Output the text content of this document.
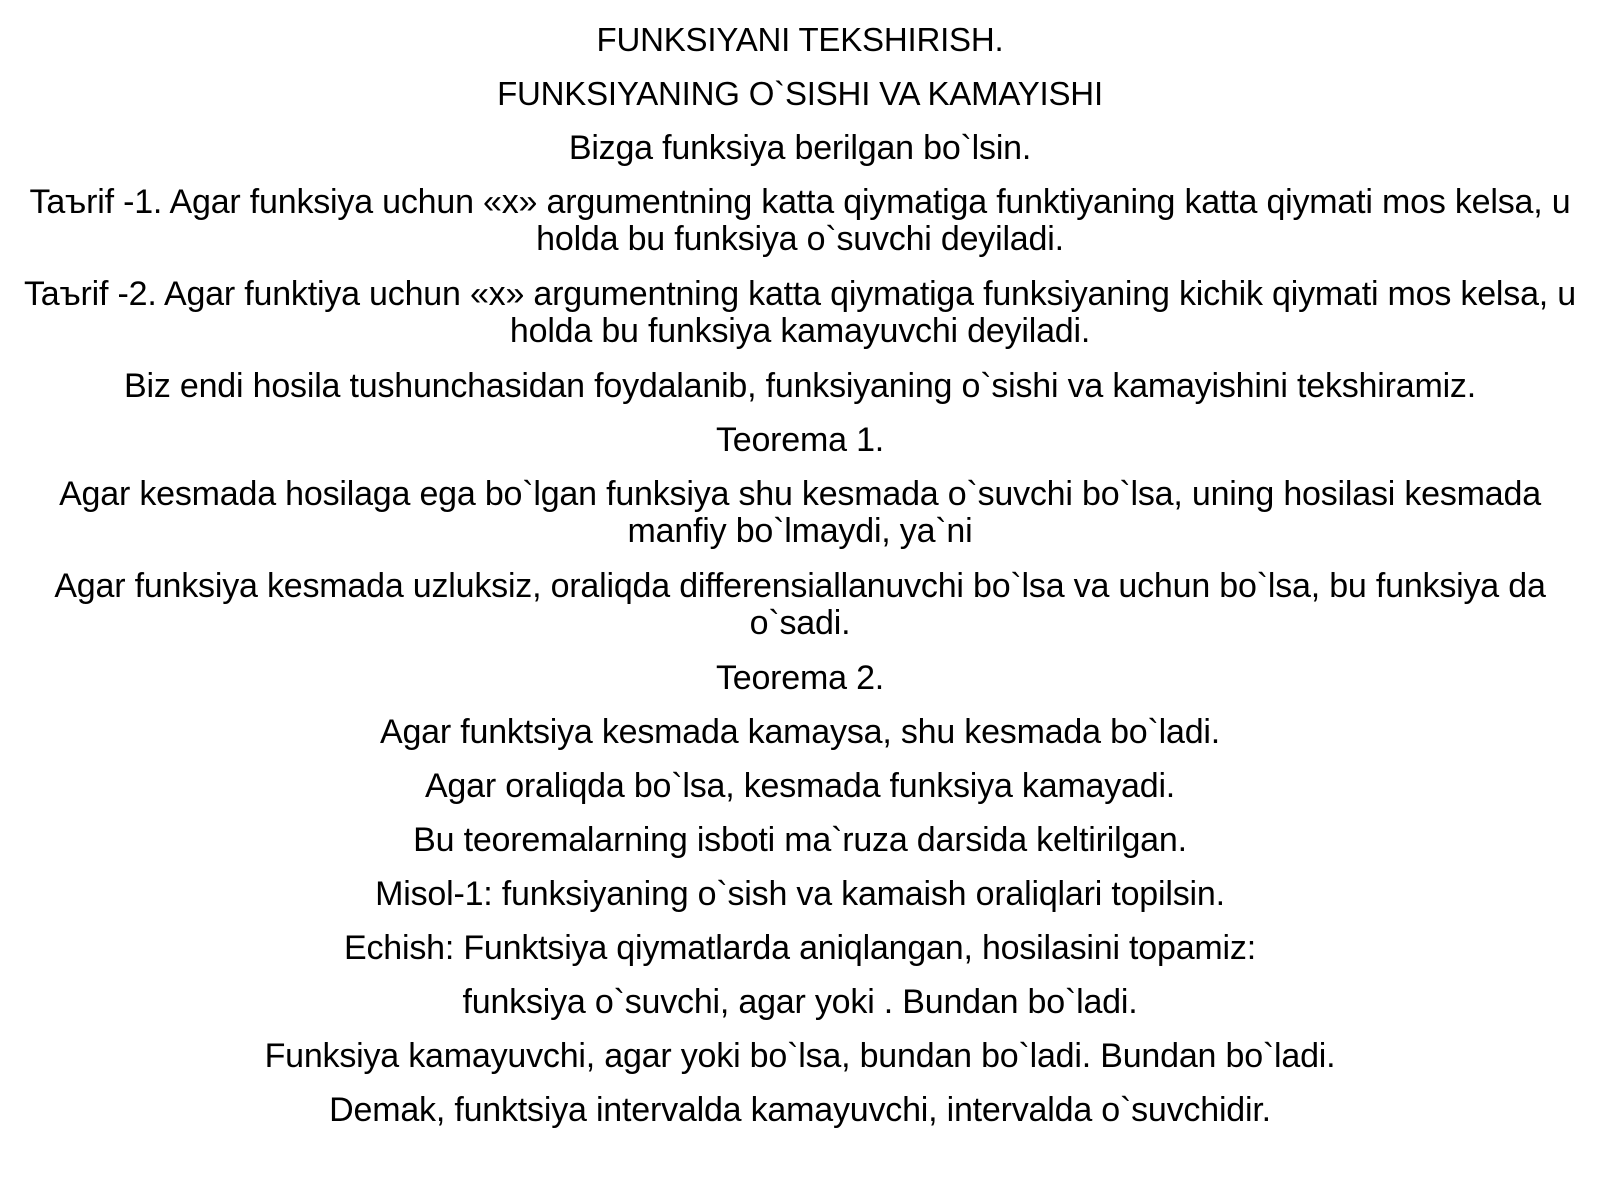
FUNKSIYANI TEKSHIRISH.

FUNKSIYANING O`SISHI VA KAMAYISHI

Bizga funksiya berilgan bo`lsin.

Taъrif -1. Agar funksiya uchun «x» argumentning katta qiymatiga funktiyaning katta qiymati mos kelsa, u holda bu funksiya o`suvchi deyiladi.

Taъrif -2. Agar funktiya uchun «x» argumentning katta qiymatiga funksiyaning kichik qiymati mos kelsa, u holda bu funksiya kamayuvchi deyiladi.

Biz endi hosila tushunchasidan foydalanib, funksiyaning o`sishi va kamayishini tekshiramiz.

Teorema 1.

Agar kesmada hosilaga ega bo`lgan funksiya shu kesmada o`suvchi bo`lsa, uning hosilasi kesmada manfiy bo`lmaydi, ya`ni

Agar funksiya kesmada uzluksiz, oraliqda differensiallanuvchi bo`lsa va uchun bo`lsa, bu funksiya da o`sadi.

Teorema 2.

Agar funktsiya kesmada kamaysa, shu kesmada bo`ladi.

Agar oraliqda bo`lsa, kesmada funksiya kamayadi.

Bu teoremalarning isboti ma`ruza darsida keltirilgan.

Misol-1: funksiyaning o`sish va kamaish oraliqlari topilsin.

Echish: Funktsiya qiymatlarda aniqlangan, hosilasini topamiz:

funksiya o`suvchi, agar yoki . Bundan bo`ladi.

Funksiya kamayuvchi, agar yoki bo`lsa, bundan bo`ladi. Bundan bo`ladi.

Demak, funktsiya intervalda kamayuvchi, intervalda o`suvchidir.
